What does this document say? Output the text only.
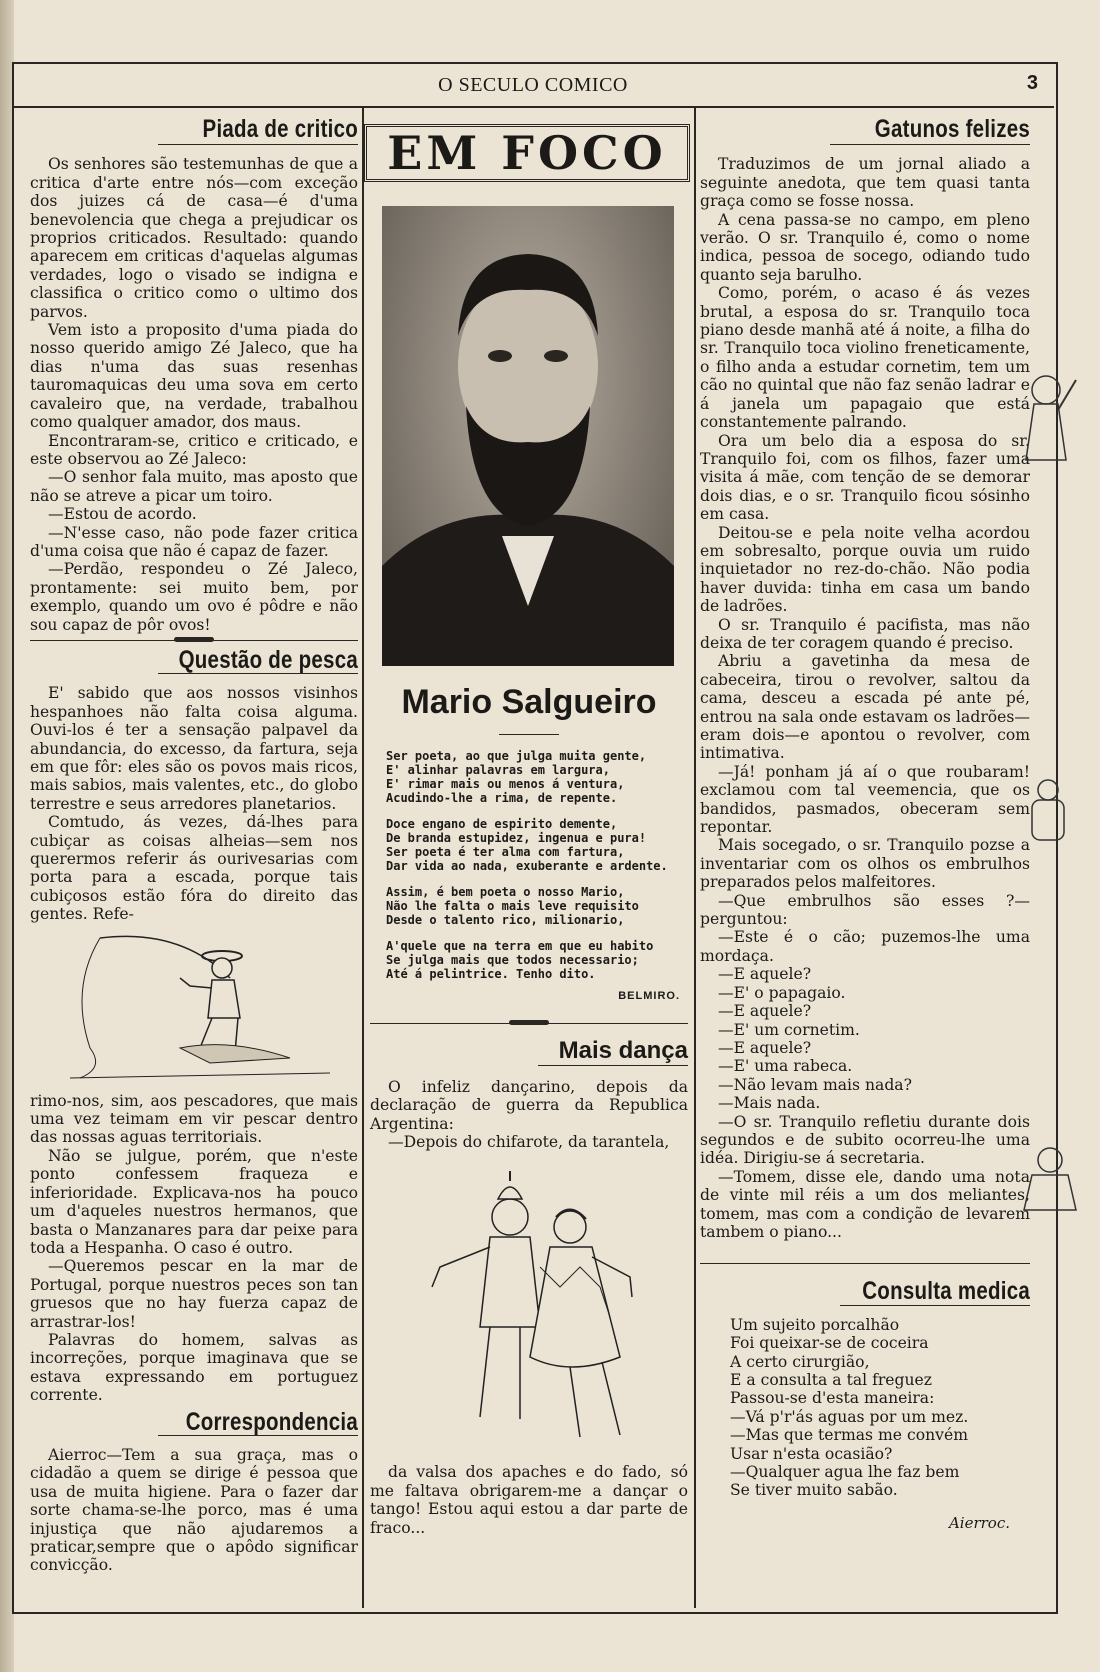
O SECULO COMICO	3
Piada de critico

Os senhores são testemunhas de que a critica d'arte entre nós—com exceção dos juizes cá de casa—é d'uma benevolencia que chega a prejudicar os proprios criticados. Resultado: quando aparecem em criticas d'aquelas algumas verdades, logo o visado se indigna e classifica o critico como o ultimo dos parvos.

Vem isto a proposito d'uma piada do nosso querido amigo Zé Jaleco, que ha dias n'uma das suas resenhas tauromaquicas deu uma sova em certo cavaleiro que, na verdade, trabalhou como qualquer amador, dos maus.

Encontraram-se, critico e criticado, e este observou ao Zé Jaleco:

—O senhor fala muito, mas aposto que não se atreve a picar um toiro.

—Estou de acordo.

—N'esse caso, não pode fazer critica d'uma coisa que não é capaz de fazer.

—Perdão, respondeu o Zé Jaleco, prontamente: sei muito bem, por exemplo, quando um ovo é pôdre e não sou capaz de pôr ovos!

Questão de pesca

E' sabido que aos nossos visinhos hespanhoes não falta coisa alguma. Ouvi-los é ter a sensação palpavel da abundancia, do excesso, da fartura, seja em que fôr: eles são os povos mais ricos, mais sabios, mais valentes, etc., do globo terrestre e seus arredores planetarios.

Comtudo, ás vezes, dá-lhes para cubiçar as coisas alheias—sem nos querermos referir ás ourivesarias com porta para a escada, porque tais cubiçosos estão fóra do direito das gentes. Refe-

rimo-nos, sim, aos pescadores, que mais uma vez teimam em vir pescar dentro das nossas aguas territoriais.

Não se julgue, porém, que n'este ponto confessem fraqueza e inferioridade. Explicava-nos ha pouco um d'aqueles nuestros hermanos, que basta o Manzanares para dar peixe para toda a Hespanha. O caso é outro.

—Queremos pescar en la mar de Portugal, porque nuestros peces son tan gruesos que no hay fuerza capaz de arrastrar-los!

Palavras do homem, salvas as incorreções, porque imaginava que se estava expressando em portuguez corrente.

Correspondencia

Aierroc—Tem a sua graça, mas o cidadão a quem se dirige é pessoa que usa de muita higiene. Para o fazer dar sorte chama-se-lhe porco, mas é uma injustiça que não ajudaremos a praticar,sempre que o apôdo significar convicção.

EM FOCO
Mario Salgueiro
Ser poeta, ao que julga muita gente,
E' alinhar palavras em largura,
E' rimar mais ou menos á ventura,
Acudindo-lhe a rima, de repente.
Doce engano de espirito demente,
De branda estupidez, ingenua e pura!
Ser poeta é ter alma com fartura,
Dar vida ao nada, exuberante e ardente.
Assim, é bem poeta o nosso Mario,
Não lhe falta o mais leve requisito
Desde o talento rico, milionario,
A'quele que na terra em que eu habito
Se julga mais que todos necessario;
Até á pelintrice. Tenho dito.
BELMIRO.
Mais dança

O infeliz dançarino, depois da declaração de guerra da Republica Argentina:

—Depois do chifarote, da tarantela,

da valsa dos apaches e do fado, só me faltava obrigarem-me a dançar o tango! Estou aqui estou a dar parte de fraco...

Gatunos felizes

Traduzimos de um jornal aliado a seguinte anedota, que tem quasi tanta graça como se fosse nossa.

A cena passa-se no campo, em pleno verão. O sr. Tranquilo é, como o nome indica, pessoa de socego, odiando tudo quanto seja barulho.

Como, porém, o acaso é ás vezes brutal, a esposa do sr. Tranquilo toca piano desde manhã até á noite, a filha do sr. Tranquilo toca violino freneticamente, o filho anda a estudar cornetim, tem um cão no quintal que não faz senão ladrar e á janela um papagaio que está constantemente palrando.

Ora um belo dia a esposa do sr. Tranquilo foi, com os filhos, fazer uma visita á mãe, com tenção de se demorar dois dias, e o sr. Tranquilo ficou sósinho em casa.

Deitou-se e pela noite velha acordou em sobresalto, porque ouvia um ruido inquietador no rez-do-chão. Não podia haver duvida: tinha em casa um bando de ladrões.

O sr. Tranquilo é pacifista, mas não deixa de ter coragem quando é preciso.

Abriu a gavetinha da mesa de cabeceira, tirou o revolver, saltou da cama, desceu a escada pé ante pé, entrou na sala onde estavam os ladrões—eram dois—e apontou o revolver, com intimativa.

—Já! ponham já aí o que roubaram! exclamou com tal veemencia, que os bandidos, pasmados, obeceram sem repontar.

Mais socegado, o sr. Tranquilo pozse a inventariar com os olhos os embrulhos preparados pelos malfeitores.

—Que embrulhos são esses ?—perguntou:

—Este é o cão; puzemos-lhe uma mordaça.

—E aquele?

—E' o papagaio.

—E aquele?

—E' um cornetim.

—E aquele?

—E' uma rabeca.

—Não levam mais nada?

—Mais nada.

—O sr. Tranquilo refletiu durante dois segundos e de subito ocorreu-lhe uma idéa. Dirigiu-se á secretaria.

—Tomem, disse ele, dando uma nota de vinte mil réis a um dos meliantes, tomem, mas com a condição de levarem tambem o piano...

Consulta medica
Um sujeito porcalhão
Foi queixar-se de coceira
A certo cirurgião,
E a consulta a tal freguez
Passou-se d'esta maneira:
—Vá p'r'ás aguas por um mez.
—Mas que termas me convém
Usar n'esta ocasião?
—Qualquer agua lhe faz bem
Se tiver muito sabão.
Aierroc.
